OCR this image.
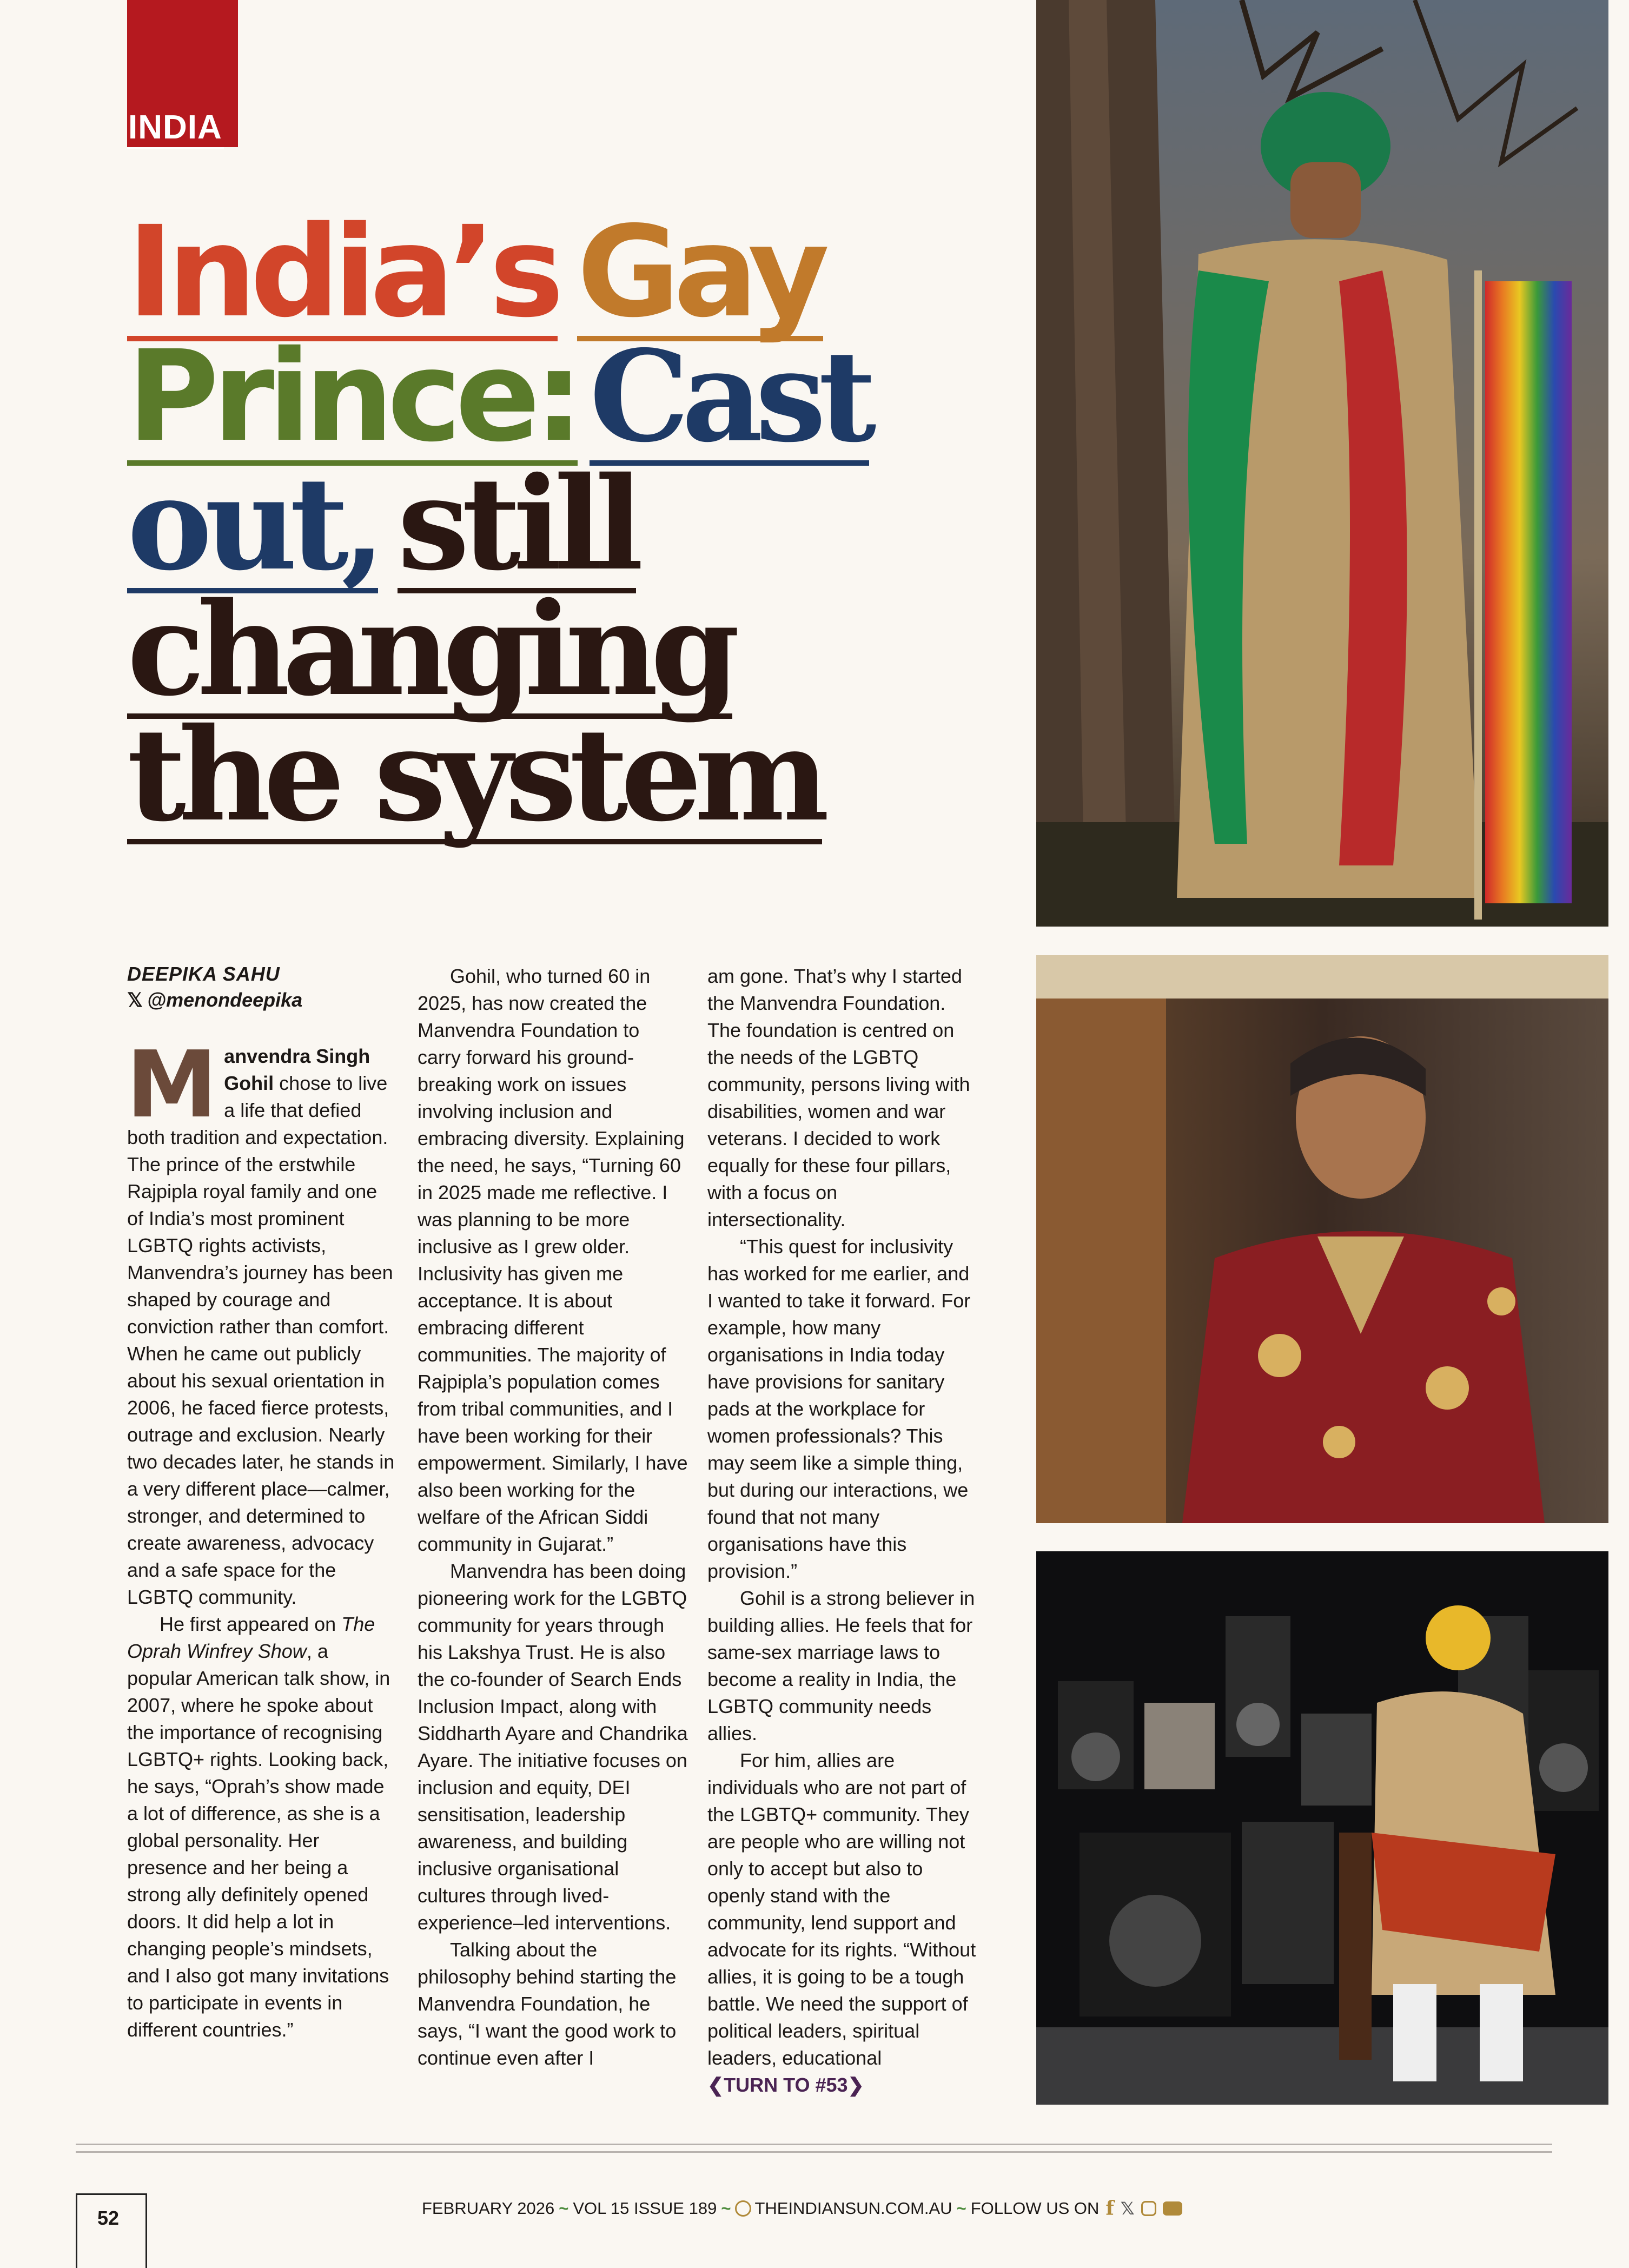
INDIA
India’s Gay
Prince:Cast
out, still
changing
the system
DEEPIKA SAHU
𝕏 @menondeepika

Manvendra Singh Gohil chose to live a life that defied both tradition and expectation. The prince of the erstwhile Rajpipla royal family and one of India’s most prominent LGBTQ rights activists, Manvendra’s journey has been shaped by courage and conviction rather than comfort. When he came out publicly about his sexual orientation in 2006, he faced fierce protests, outrage and exclusion. Nearly two decades later, he stands in a very different place—calmer, stronger, and determined to create awareness, advocacy and a safe space for the LGBTQ community.

He first appeared on The Oprah Winfrey Show, a popular American talk show, in 2007, where he spoke about the importance of recognising LGBTQ+ rights. Looking back, he says, “Oprah’s show made a lot of difference, as she is a global personality. Her presence and her being a strong ally definitely opened doors. It did help a lot in changing people’s mindsets, and I also got many invitations to participate in events in different countries.”

Gohil, who turned 60 in 2025, has now created the Manvendra Foundation to carry forward his ground-breaking work on issues involving inclusion and embracing diversity. Explaining the need, he says, “Turning 60 in 2025 made me reflective. I was planning to be more inclusive as I grew older. Inclusivity has given me acceptance. It is about embracing different communities. The majority of Rajpipla’s population comes from tribal communities, and I have been working for their empowerment. Similarly, I have also been working for the welfare of the African Siddi community in Gujarat.”

Manvendra has been doing pioneering work for the LGBTQ community for years through his Lakshya Trust. He is also the co-founder of Search Ends Inclusion Impact, along with Siddharth Ayare and Chandrika Ayare. The initiative focuses on inclusion and equity, DEI sensitisation, leadership awareness, and building inclusive organisational cultures through lived-experience–led interventions.

Talking about the philosophy behind starting the Manvendra Foundation, he says, “I want the good work to continue even after I

am gone. That’s why I started the Manvendra Foundation. The foundation is centred on the needs of the LGBTQ community, persons living with disabilities, women and war veterans. I decided to work equally for these four pillars, with a focus on intersectionality.

“This quest for inclusivity has worked for me earlier, and I wanted to take it forward. For example, how many organisations in India today have provisions for sanitary pads at the workplace for women professionals? This may seem like a simple thing, but during our interactions, we found that not many organisations have this provision.”

Gohil is a strong believer in building allies. He feels that for same-sex marriage laws to become a reality in India, the LGBTQ community needs allies.

For him, allies are individuals who are not part of the LGBTQ+ community. They are people who are willing not only to accept but also to openly stand with the community, lend support and advocate for its rights. “Without allies, it is going to be a tough battle. We need the support of political leaders, spiritual leaders, educational ❮TURN TO #53❯

52	FEBRUARY 2026 ~ VOL 15 ISSUE 189 ~ THEINDIANSUN.COM.AU ~ FOLLOW US ON f 𝕏
